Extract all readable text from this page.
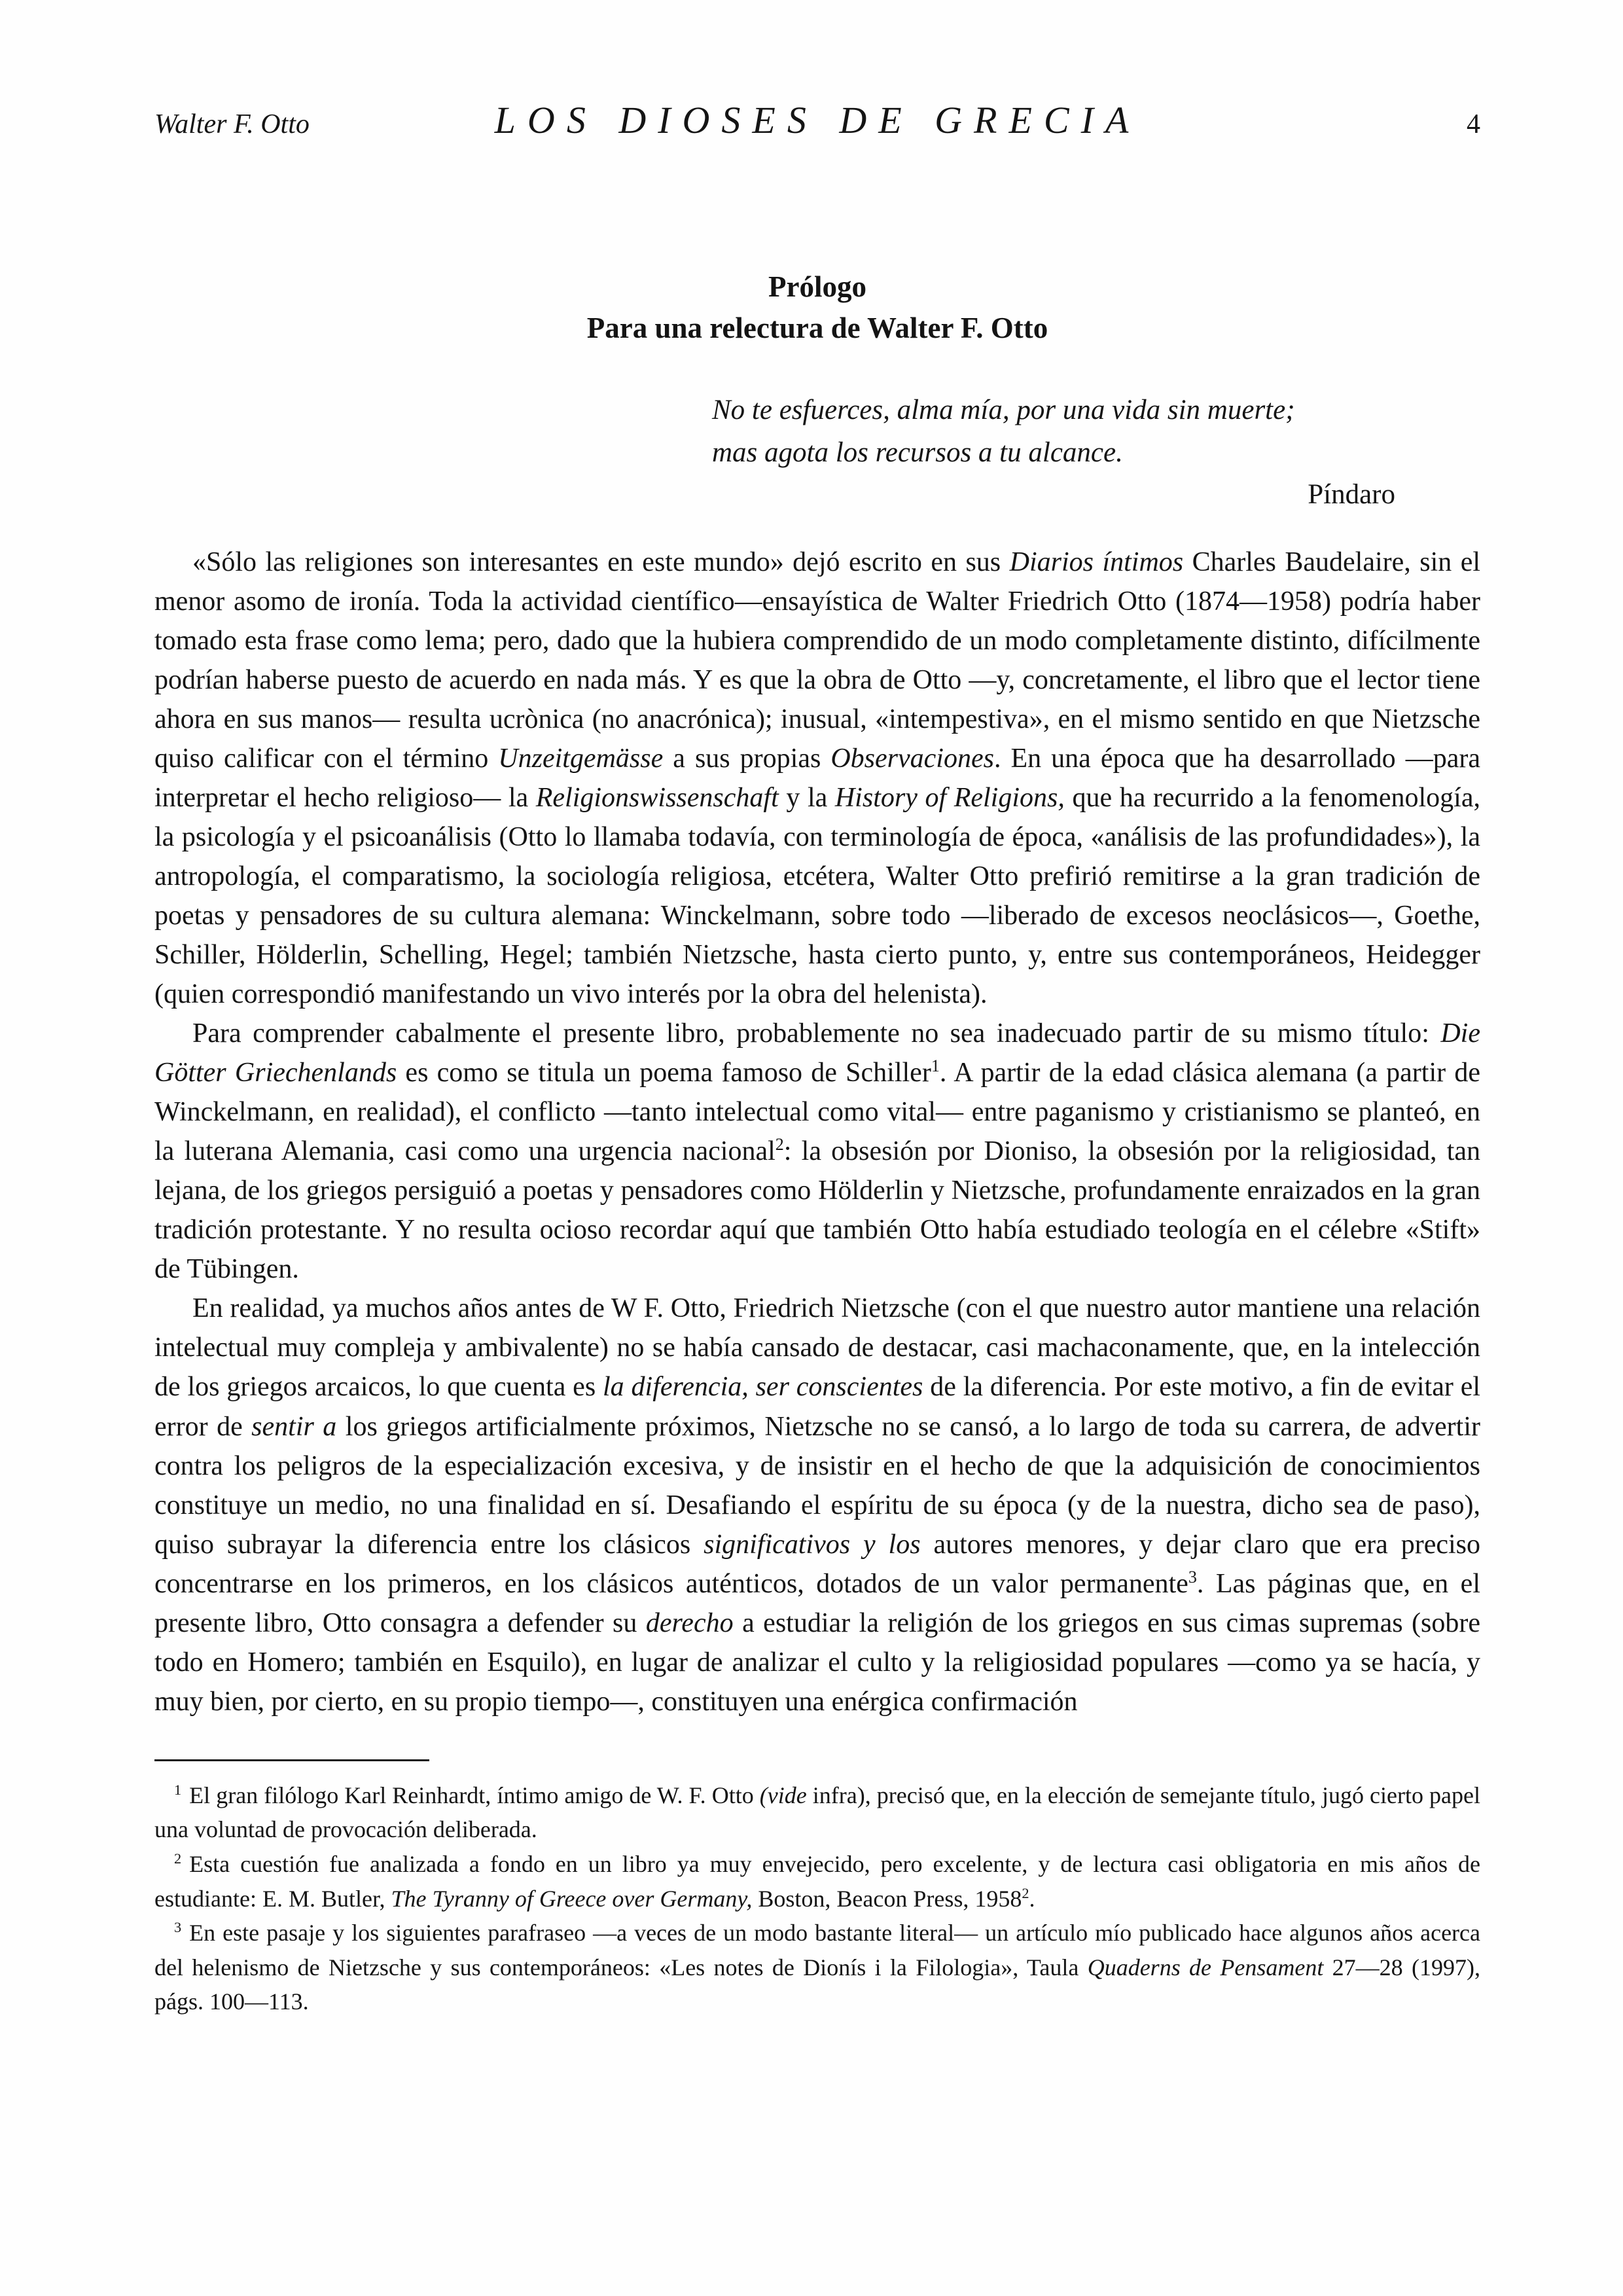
Walter F. Otto	LOS DIOSES DE GRECIA	4
Prólogo
Para una relectura de Walter F. Otto
No te esfuerces, alma mía, por una vida sin muerte;
mas agota los recursos a tu alcance.
Píndaro

«Sólo las religiones son interesantes en este mundo» dejó escrito en sus Diarios íntimos Charles Baudelaire, sin el menor asomo de ironía. Toda la actividad científico—ensayística de Walter Friedrich Otto (1874—1958) podría haber tomado esta frase como lema; pero, dado que la hubiera comprendido de un modo completamente distinto, difícilmente podrían haberse puesto de acuerdo en nada más. Y es que la obra de Otto —y, concretamente, el libro que el lector tiene ahora en sus manos— resulta ucrònica (no anacrónica); inusual, «intempestiva», en el mismo sentido en que Nietzsche quiso calificar con el término Unzeitgemässe a sus propias Observaciones. En una época que ha desarrollado —para interpretar el hecho religioso— la Religionswissenschaft y la History of Religions, que ha recurrido a la fenomenología, la psicología y el psicoanálisis (Otto lo llamaba todavía, con terminología de época, «análisis de las profundidades»), la antropología, el comparatismo, la sociología religiosa, etcétera, Walter Otto prefirió remitirse a la gran tradición de poetas y pensadores de su cultura alemana: Winckelmann, sobre todo —liberado de excesos neoclásicos—, Goethe, Schiller, Hölderlin, Schelling, Hegel; también Nietzsche, hasta cierto punto, y, entre sus contemporáneos, Heidegger (quien correspondió manifestando un vivo interés por la obra del helenista).

Para comprender cabalmente el presente libro, probablemente no sea inadecuado partir de su mismo título: Die Götter Griechenlands es como se titula un poema famoso de Schiller$^1$. A partir de la edad clásica alemana (a partir de Winckelmann, en realidad), el conflicto —tanto intelectual como vital— entre paganismo y cristianismo se planteó, en la luterana Alemania, casi como una urgencia nacional$^2$: la obsesión por Dioniso, la obsesión por la religiosidad, tan lejana, de los griegos persiguió a poetas y pensadores como Hölderlin y Nietzsche, profundamente enraizados en la gran tradición protestante. Y no resulta ocioso recordar aquí que también Otto había estudiado teología en el célebre «Stift» de Tübingen.

En realidad, ya muchos años antes de W F. Otto, Friedrich Nietzsche (con el que nuestro autor mantiene una relación intelectual muy compleja y ambivalente) no se había cansado de destacar, casi machaconamente, que, en la intelección de los griegos arcaicos, lo que cuenta es la diferencia, ser conscientes de la diferencia. Por este motivo, a fin de evitar el error de sentir a los griegos artificialmente próximos, Nietzsche no se cansó, a lo largo de toda su carrera, de advertir contra los peligros de la especialización excesiva, y de insistir en el hecho de que la adquisición de conocimientos constituye un medio, no una finalidad en sí. Desafiando el espíritu de su época (y de la nuestra, dicho sea de paso), quiso subrayar la diferencia entre los clásicos significativos y los autores menores, y dejar claro que era preciso concentrarse en los primeros, en los clásicos auténticos, dotados de un valor permanente$^3$. Las páginas que, en el presente libro, Otto consagra a defender su derecho a estudiar la religión de los griegos en sus cimas supremas (sobre todo en Homero; también en Esquilo), en lugar de analizar el culto y la religiosidad populares —como ya se hacía, y muy bien, por cierto, en su propio tiempo—, constituyen una enérgica confirmación

$^1$ El gran filólogo Karl Reinhardt, íntimo amigo de W. F. Otto (vide infra), precisó que, en la elección de semejante título, jugó cierto papel una voluntad de provocación deliberada.

$^2$ Esta cuestión fue analizada a fondo en un libro ya muy envejecido, pero excelente, y de lectura casi obligatoria en mis años de estudiante: E. M. Butler, The Tyranny of Greece over Germany, Boston, Beacon Press, 1958$^2$.

$^3$ En este pasaje y los siguientes parafraseo —a veces de un modo bastante literal— un artículo mío publicado hace algunos años acerca del helenismo de Nietzsche y sus contemporáneos: «Les notes de Dionís i la Filologia», Taula Quaderns de Pensament 27—28 (1997), págs. 100—113.
